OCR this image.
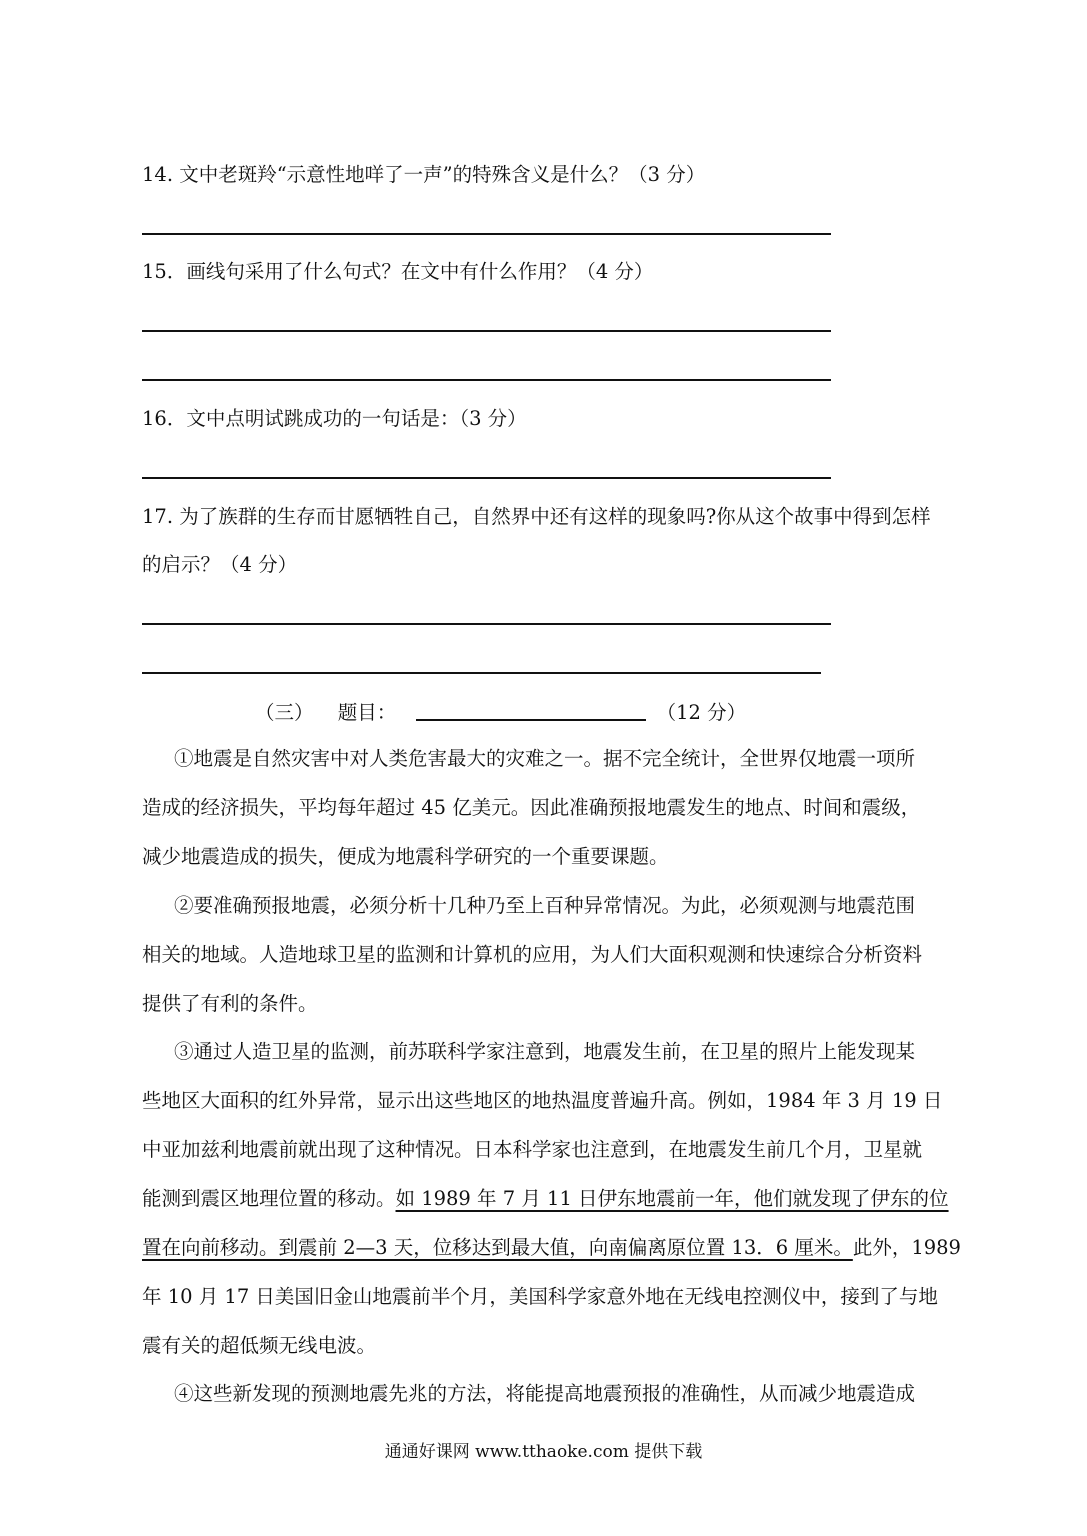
14. 文中老斑羚“示意性地咩了一声”的特殊含义是什么？（3 分）
15．画线句采用了什么句式？在文中有什么作用？（4 分）
16．文中点明试跳成功的一句话是：（3 分）
17. 为了族群的生存而甘愿牺牲自己，自然界中还有这样的现象吗?你从这个故事中得到怎样
的启示？（4 分）
（三） 题目：	（12 分）
①地震是自然灾害中对人类危害最大的灾难之一。据不完全统计，全世界仅地震一项所
造成的经济损失，平均每年超过 45 亿美元。因此准确预报地震发生的地点、时间和震级，
减少地震造成的损失，便成为地震科学研究的一个重要课题。
②要准确预报地震，必须分析十几种乃至上百种异常情况。为此，必须观测与地震范围
相关的地域。人造地球卫星的监测和计算机的应用，为人们大面积观测和快速综合分析资料
提供了有利的条件。
③通过人造卫星的监测，前苏联科学家注意到，地震发生前，在卫星的照片上能发现某
些地区大面积的红外异常，显示出这些地区的地热温度普遍升高。例如，1984 年 3 月 19 日
中亚加兹利地震前就出现了这种情况。日本科学家也注意到，在地震发生前几个月，卫星就
能测到震区地理位置的移动。如 1989 年 7 月 11 日伊东地震前一年，他们就发现了伊东的位
置在向前移动。到震前 2—3 天，位移达到最大值，向南偏离原位置 13．6 厘米。此外，1989
年 10 月 17 日美国旧金山地震前半个月，美国科学家意外地在无线电控测仪中，接到了与地
震有关的超低频无线电波。
④这些新发现的预测地震先兆的方法，将能提高地震预报的准确性，从而减少地震造成
通通好课网 www.tthaoke.com 提供下载
